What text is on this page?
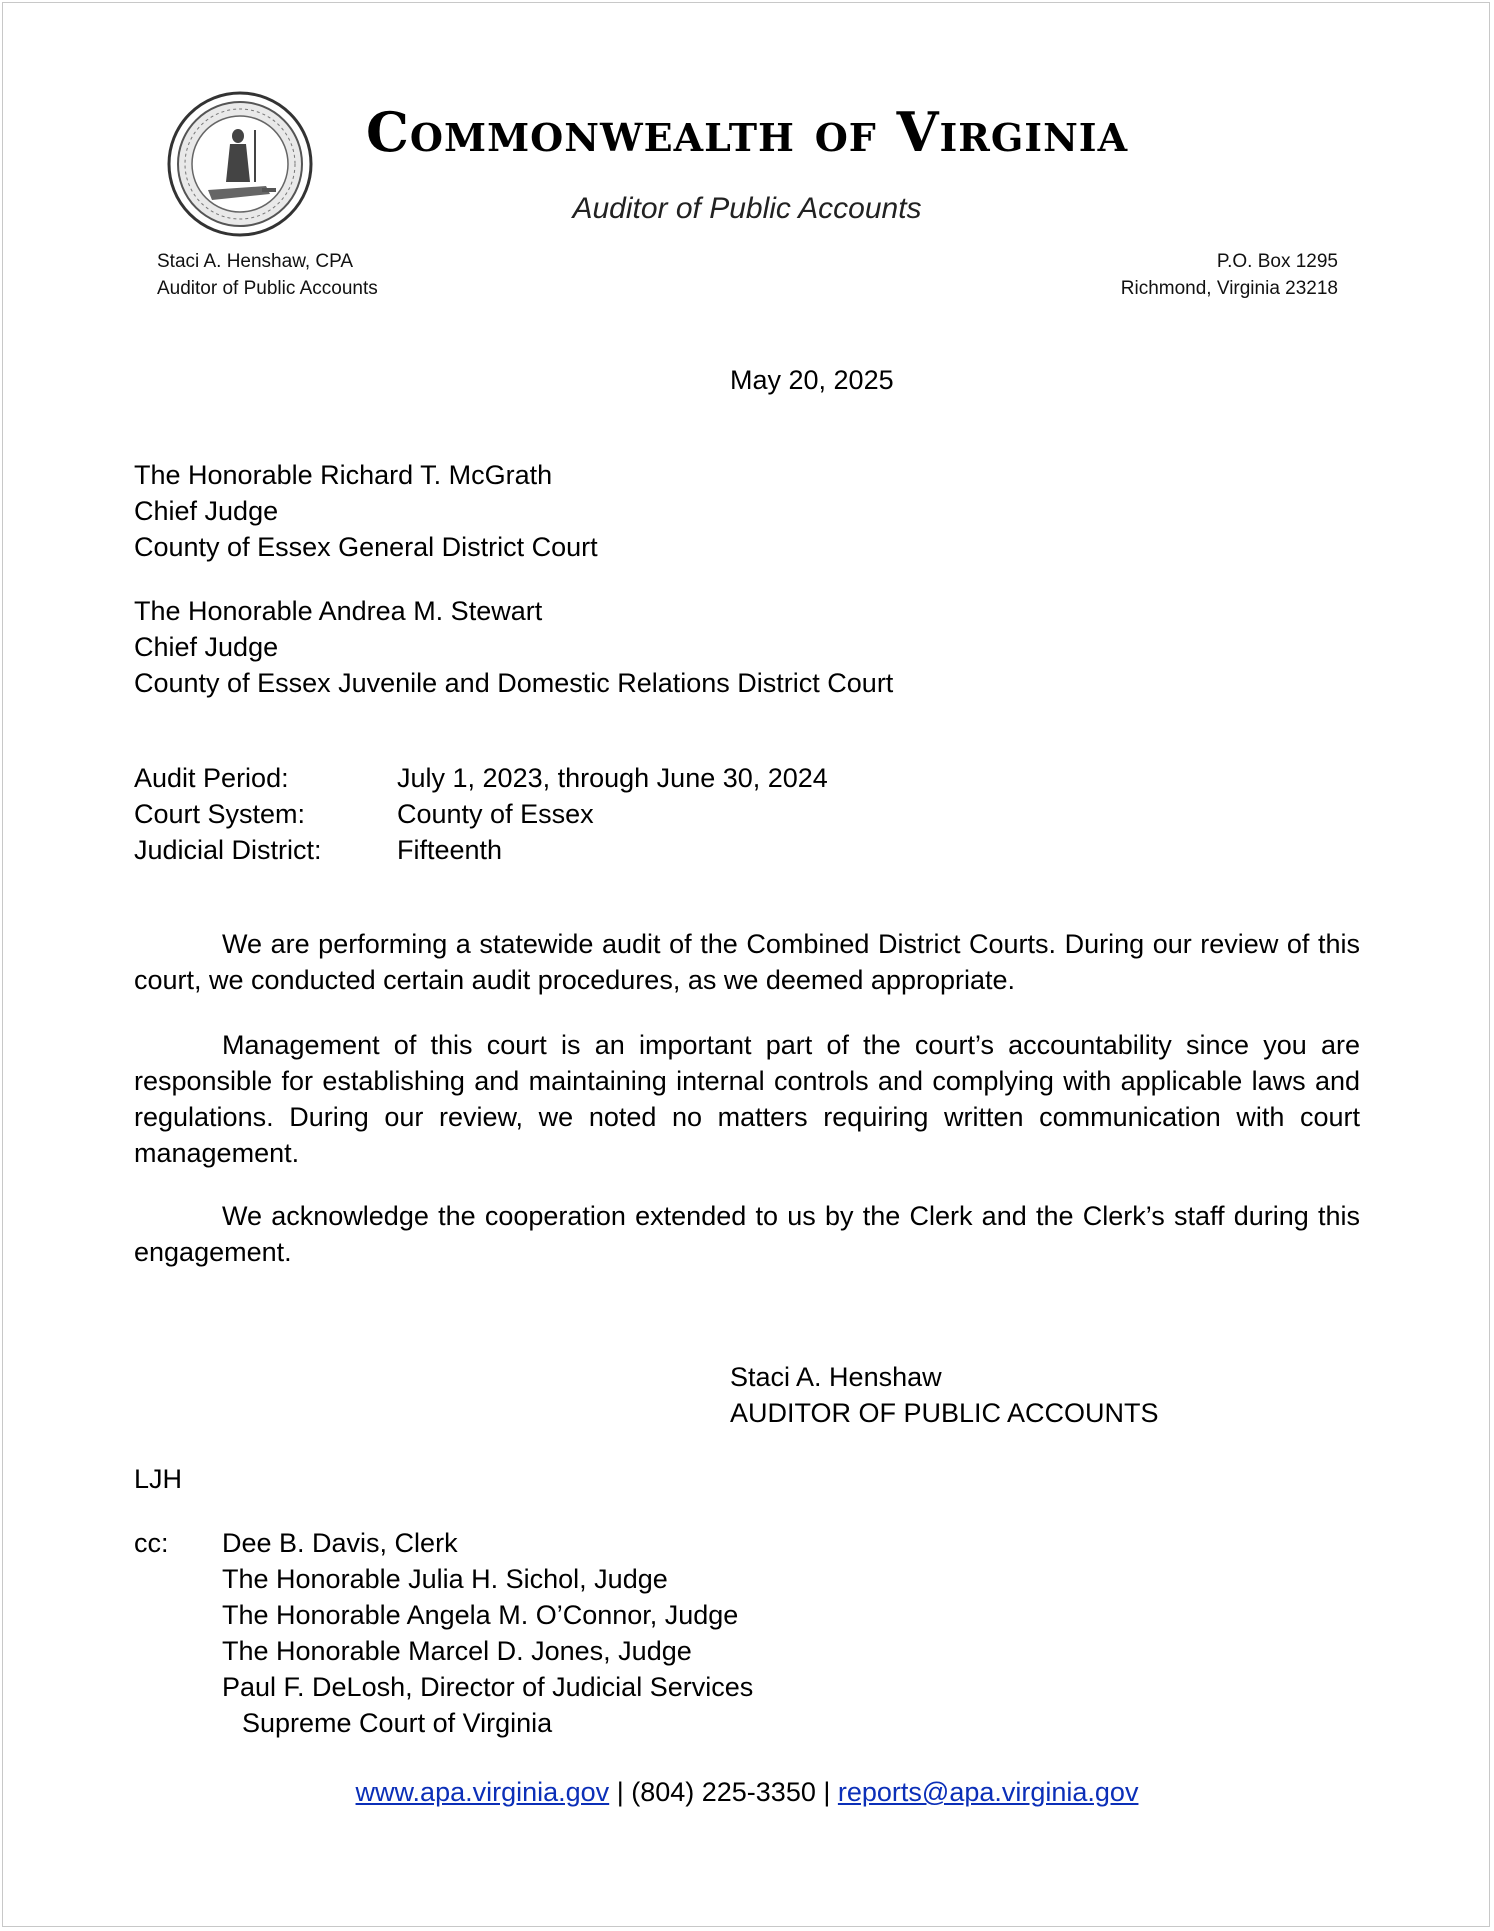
Commonwealth of Virginia
Auditor of Public Accounts
Staci A. Henshaw, CPA
Auditor of Public Accounts
P.O. Box 1295
Richmond, Virginia 23218
May 20, 2025
The Honorable Richard T. McGrath
Chief Judge
County of Essex General District Court
The Honorable Andrea M. Stewart
Chief Judge
County of Essex Juvenile and Domestic Relations District Court
Audit Period:	July 1, 2023, through June 30, 2024
Court System:	County of Essex
Judicial District:	Fifteenth
We are performing a statewide audit of the Combined District Courts. During our review of this court, we conducted certain audit procedures, as we deemed appropriate.
Management of this court is an important part of the court’s accountability since you are responsible for establishing and maintaining internal controls and complying with applicable laws and regulations. During our review, we noted no matters requiring written communication with court management.
We acknowledge the cooperation extended to us by the Clerk and the Clerk’s staff during this engagement.
Staci A. Henshaw
AUDITOR OF PUBLIC ACCOUNTS
LJH
cc: Dee B. Davis, Clerk
The Honorable Julia H. Sichol, Judge
The Honorable Angela M. O’Connor, Judge
The Honorable Marcel D. Jones, Judge
Paul F. DeLosh, Director of Judicial Services
Supreme Court of Virginia
www.apa.virginia.gov | (804) 225-3350 | reports@apa.virginia.gov
